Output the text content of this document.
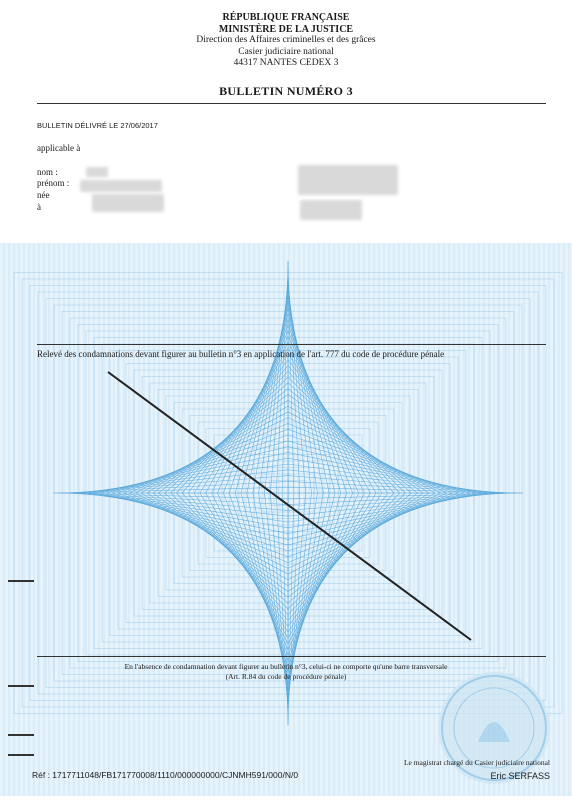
RÉPUBLIQUE FRANÇAISE
MINISTÈRE DE LA JUSTICE
Direction des Affaires criminelles et des grâces
Casier judiciaire national
44317 NANTES CEDEX 3
BULLETIN NUMÉRO 3
BULLETIN DÉLIVRÉ LE 27/06/2017
applicable à
nom :
prénom :
née
à
Relevé des condamnations devant figurer au bulletin n°3 en application de l'art. 777 du code de procédure pénale
En l'absence de condamnation devant figurer au bulletin n°3, celui-ci ne comporte qu'une barre transversale
(Art. R.84 du code de procédure pénale)
Le magistrat chargé du Casier judiciaire national
Eric SERFASS
Réf : 1717711048/FB171770008/1110/000000000/CJNMH591/000/N/0
